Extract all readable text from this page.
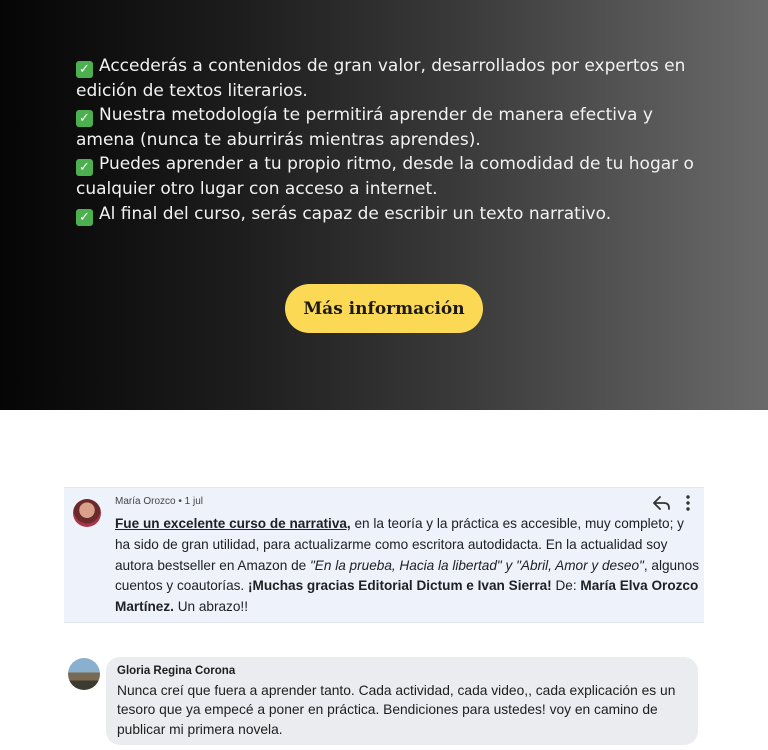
✓ Accederás a contenidos de gran valor, desarrollados por expertos en edición de textos literarios.
✓ Nuestra metodología te permitirá aprender de manera efectiva y amena (nunca te aburrirás mientras aprendes).
✓ Puedes aprender a tu propio ritmo, desde la comodidad de tu hogar o cualquier otro lugar con acceso a internet.
✓ Al final del curso, serás capaz de escribir un texto narrativo.
Más información
María Orozco • 1 jul
Fue un excelente curso de narrativa, en la teoría y la práctica es accesible, muy completo; y ha sido de gran utilidad, para actualizarme como escritora autodidacta. En la actualidad soy autora bestseller en Amazon de "En la prueba, Hacia la libertad" y "Abril, Amor y deseo", algunos cuentos y coautorías. ¡Muchas gracias Editorial Dictum e Ivan Sierra! De: María Elva Orozco Martínez. Un abrazo!!
Gloria Regina Corona
Nunca creí que fuera a aprender tanto. Cada actividad, cada video,, cada explicación es un tesoro que ya empecé a poner en práctica. Bendiciones para ustedes! voy en camino de publicar mi primera novela.
